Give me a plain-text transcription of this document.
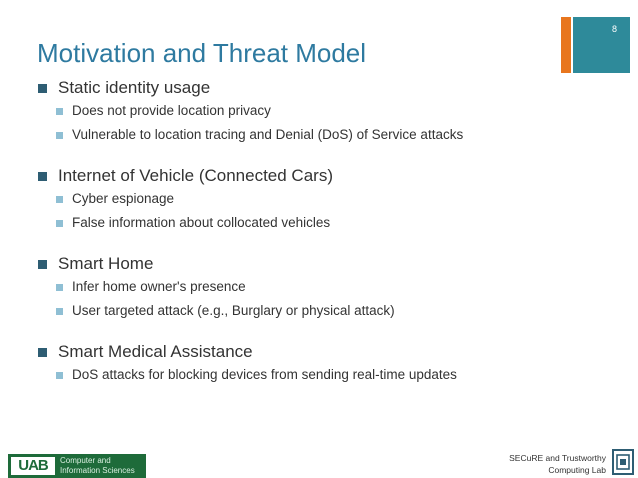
8
Motivation and Threat Model
Static identity usage
Does not provide location privacy
Vulnerable to location tracing and Denial (DoS) of Service attacks
Internet of Vehicle (Connected Cars)
Cyber espionage
False information about collocated vehicles
Smart Home
Infer home owner's presence
User targeted attack (e.g., Burglary or physical attack)
Smart Medical Assistance
DoS attacks for blocking devices from sending real-time updates
UAB	Computer and
Information Sciences
SECuRE and Trustworthy
Computing Lab
